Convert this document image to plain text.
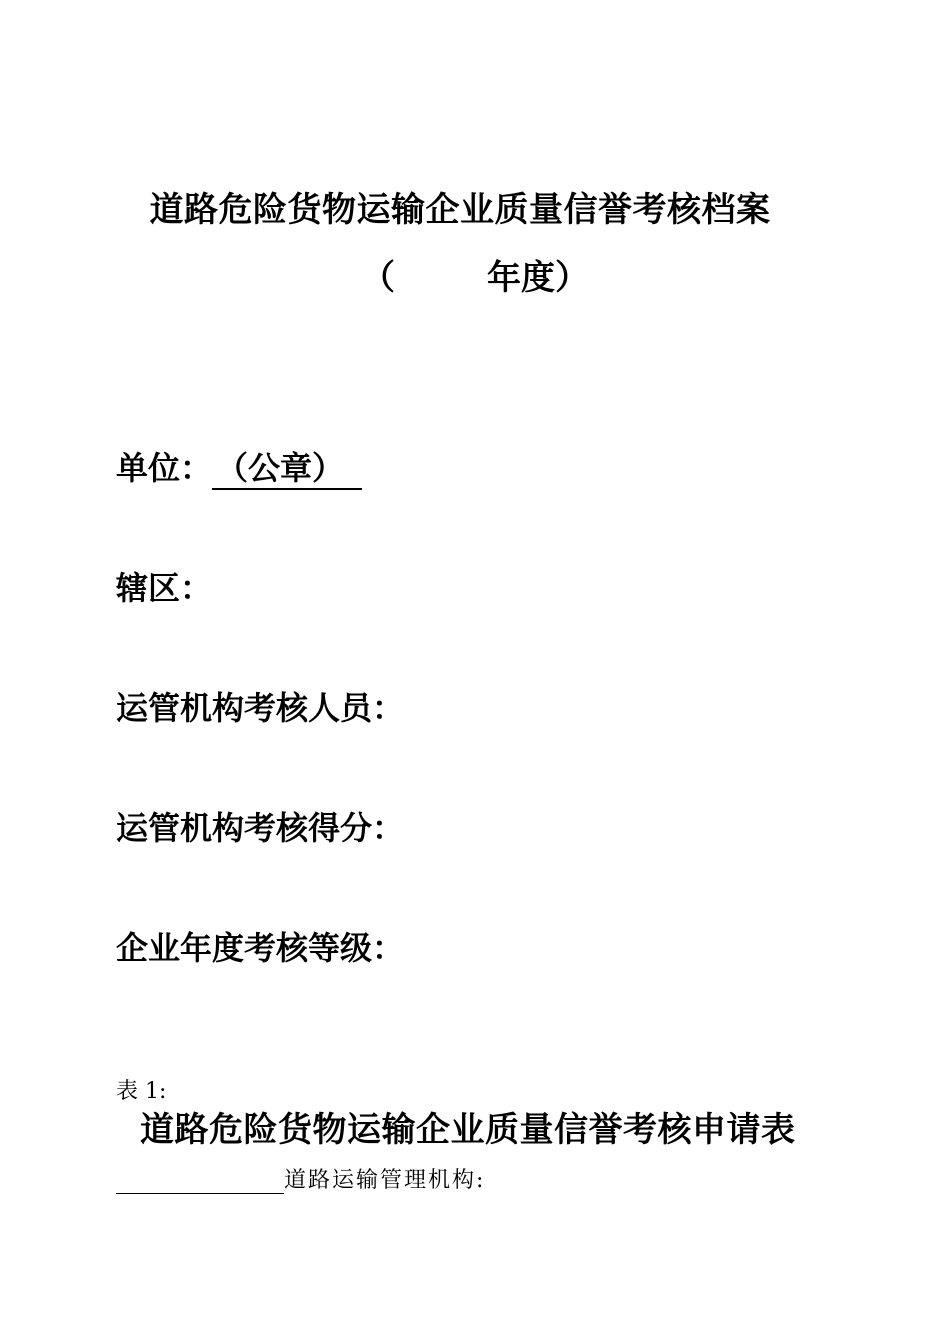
道路危险货物运输企业质量信誉考核档案
（	年度）
单位： （公章）
辖区：
运管机构考核人员：
运管机构考核得分：
企业年度考核等级：
表 1:
道路危险货物运输企业质量信誉考核申请表
道路运输管理机构:
